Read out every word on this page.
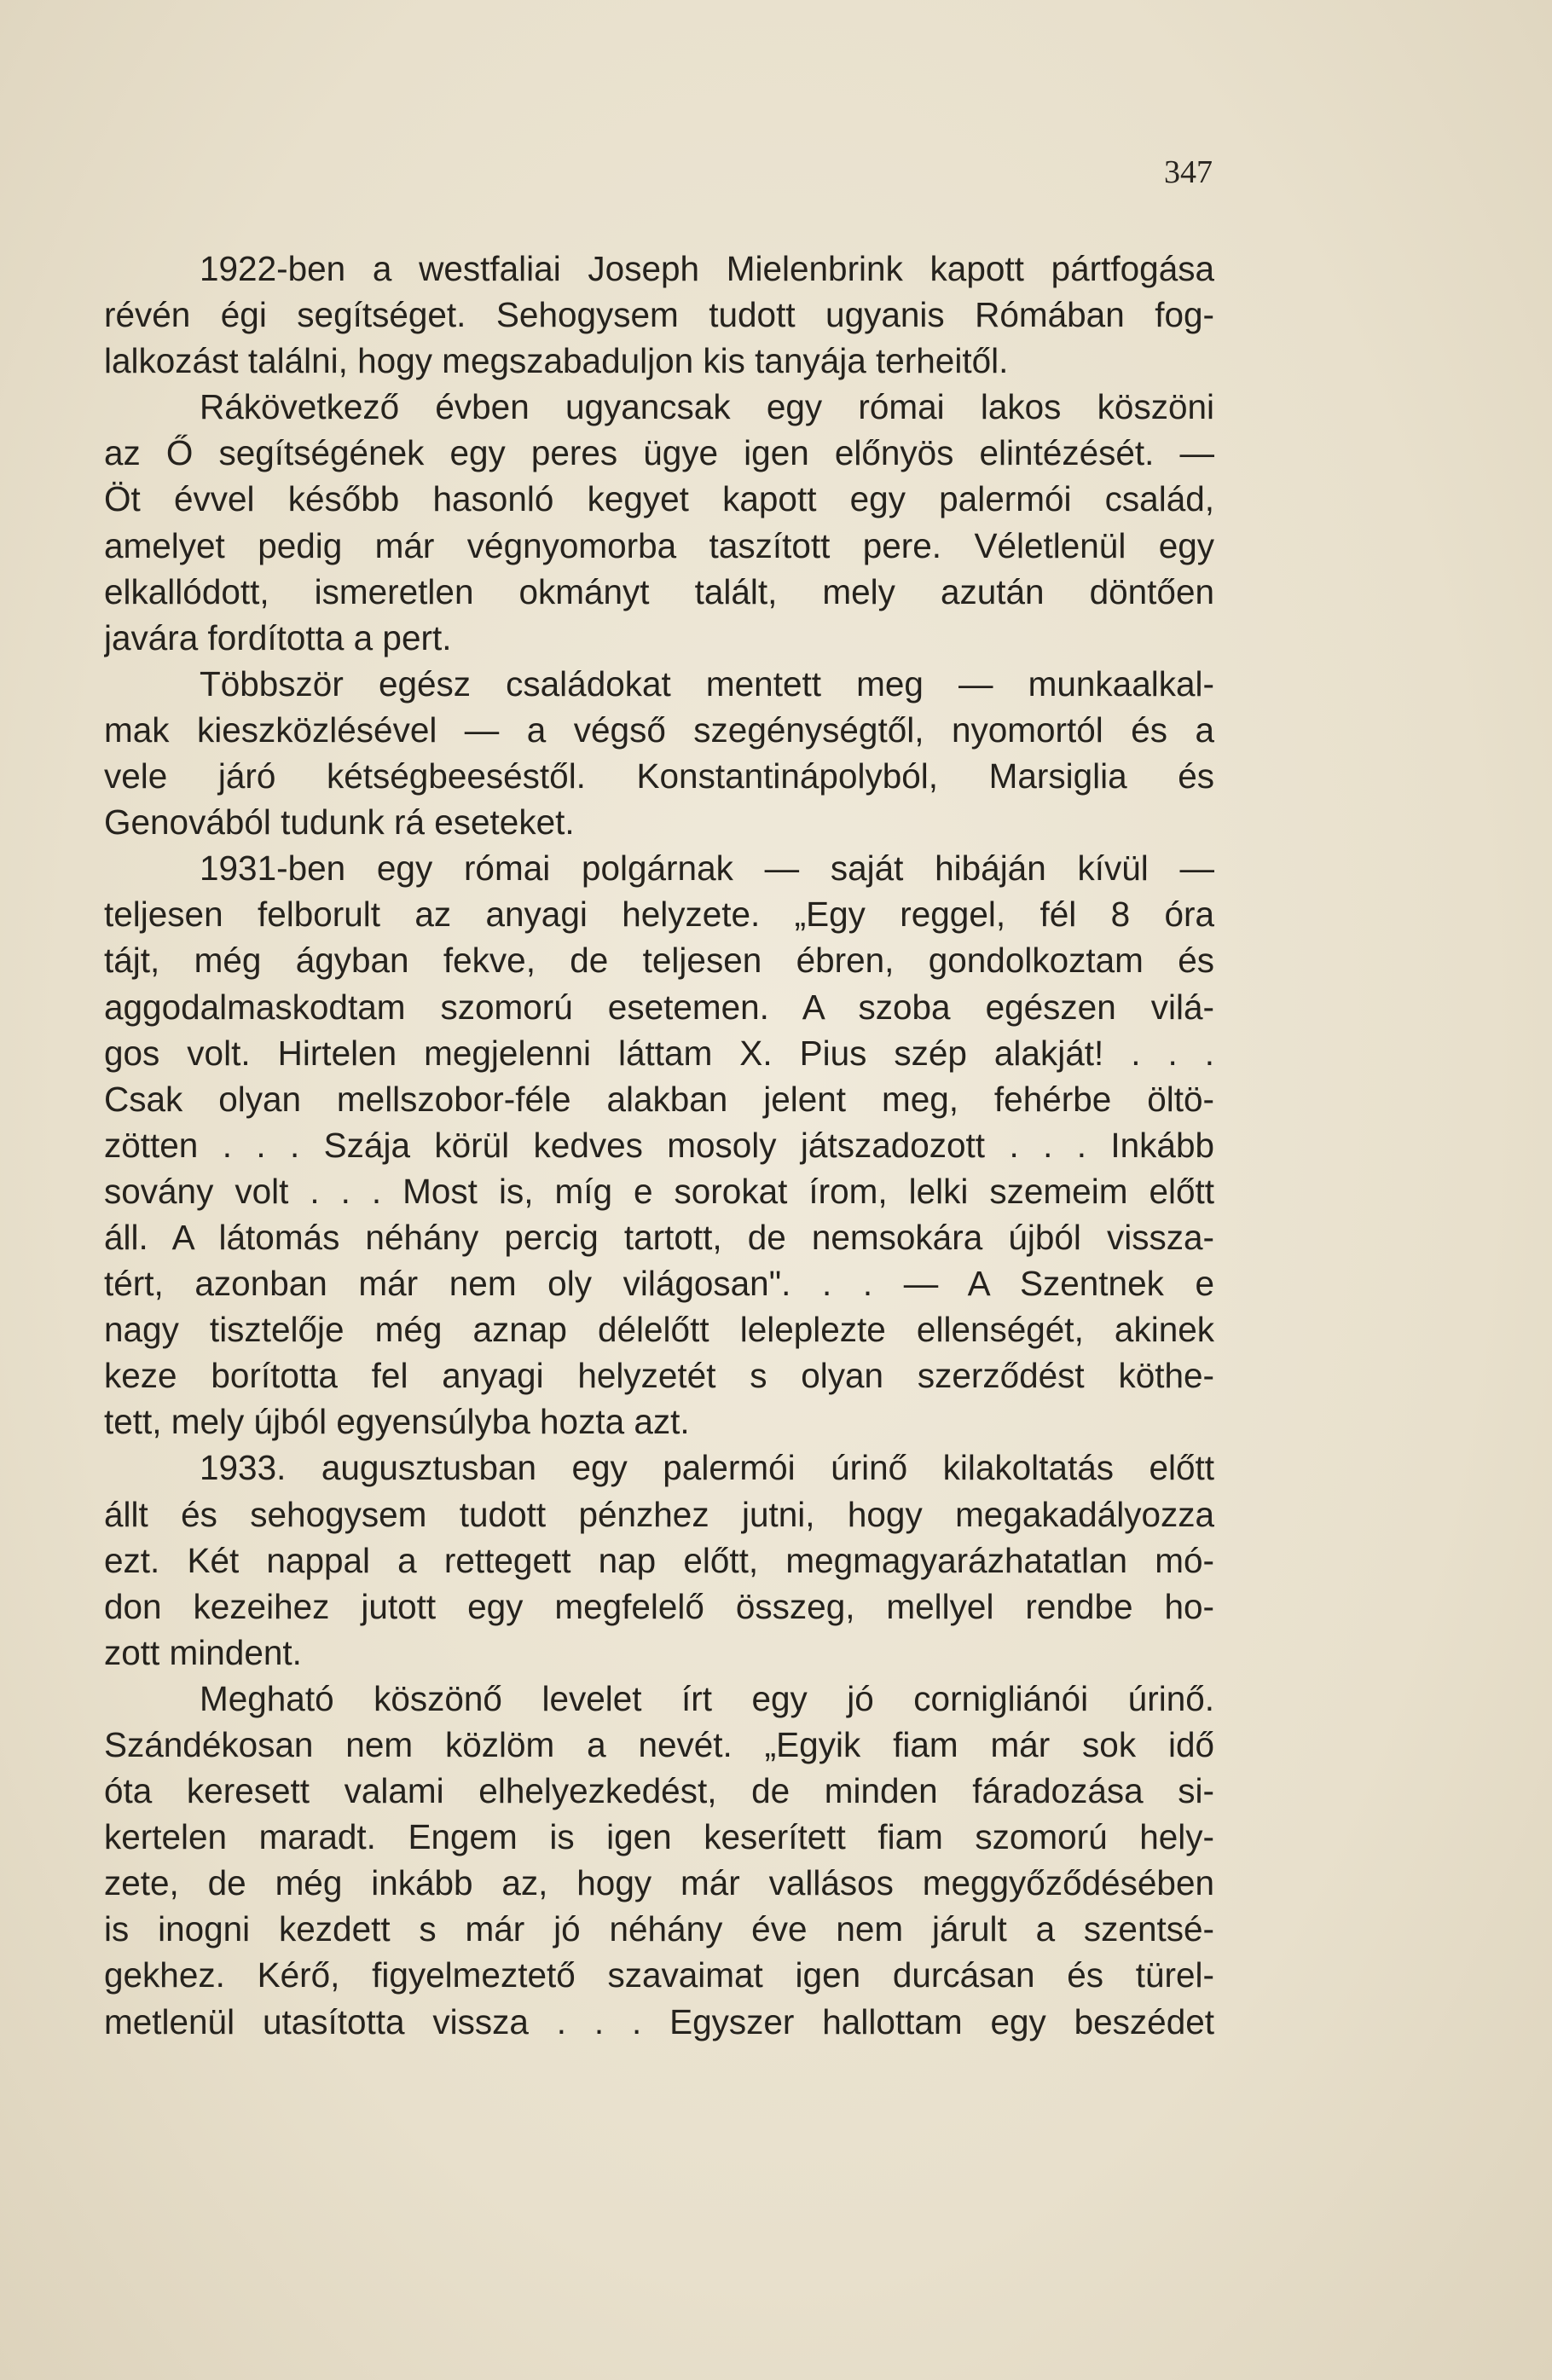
347

1922-ben a westfaliai Joseph Mielenbrink kapott pártfogása
révén égi segítséget. Sehogysem tudott ugyanis Rómában fog-
lalkozást találni, hogy megszabaduljon kis tanyája terheitől.

Rákövetkező évben ugyancsak egy római lakos köszöni
az Ő segítségének egy peres ügye igen előnyös elintézését. —
Öt évvel később hasonló kegyet kapott egy palermói család,
amelyet pedig már végnyomorba taszított pere. Véletlenül egy
elkallódott, ismeretlen okmányt talált, mely azután döntően
javára fordította a pert.

Többször egész családokat mentett meg — munkaalkal-
mak kieszközlésével — a végső szegénységtől, nyomortól és a
vele járó kétségbeeséstől. Konstantinápolyból, Marsiglia és
Genovából tudunk rá eseteket.

1931-ben egy római polgárnak — saját hibáján kívül —
teljesen felborult az anyagi helyzete. „Egy reggel, fél 8 óra
tájt, még ágyban fekve, de teljesen ébren, gondolkoztam és
aggodalmaskodtam szomorú esetemen. A szoba egészen vilá-
gos volt. Hirtelen megjelenni láttam X. Pius szép alakját! . . .
Csak olyan mellszobor-féle alakban jelent meg, fehérbe öltö-
zötten . . . Szája körül kedves mosoly játszadozott . . . Inkább
sovány volt . . . Most is, míg e sorokat írom, lelki szemeim előtt
áll. A látomás néhány percig tartott, de nemsokára újból vissza-
tért, azonban már nem oly világosan". . . — A Szentnek e
nagy tisztelője még aznap délelőtt leleplezte ellenségét, akinek
keze borította fel anyagi helyzetét s olyan szerződést köthe-
tett, mely újból egyensúlyba hozta azt.

1933. augusztusban egy palermói úrinő kilakoltatás előtt
állt és sehogysem tudott pénzhez jutni, hogy megakadályozza
ezt. Két nappal a rettegett nap előtt, megmagyarázhatatlan mó-
don kezeihez jutott egy megfelelő összeg, mellyel rendbe ho-
zott mindent.

Megható köszönő levelet írt egy jó cornigliánói úrinő.
Szándékosan nem közlöm a nevét. „Egyik fiam már sok idő
óta keresett valami elhelyezkedést, de minden fáradozása si-
kertelen maradt. Engem is igen keserített fiam szomorú hely-
zete, de még inkább az, hogy már vallásos meggyőződésében
is inogni kezdett s már jó néhány éve nem járult a szentsé-
gekhez. Kérő, figyelmeztető szavaimat igen durcásan és türel-
metlenül utasította vissza . . . Egyszer hallottam egy beszédet
